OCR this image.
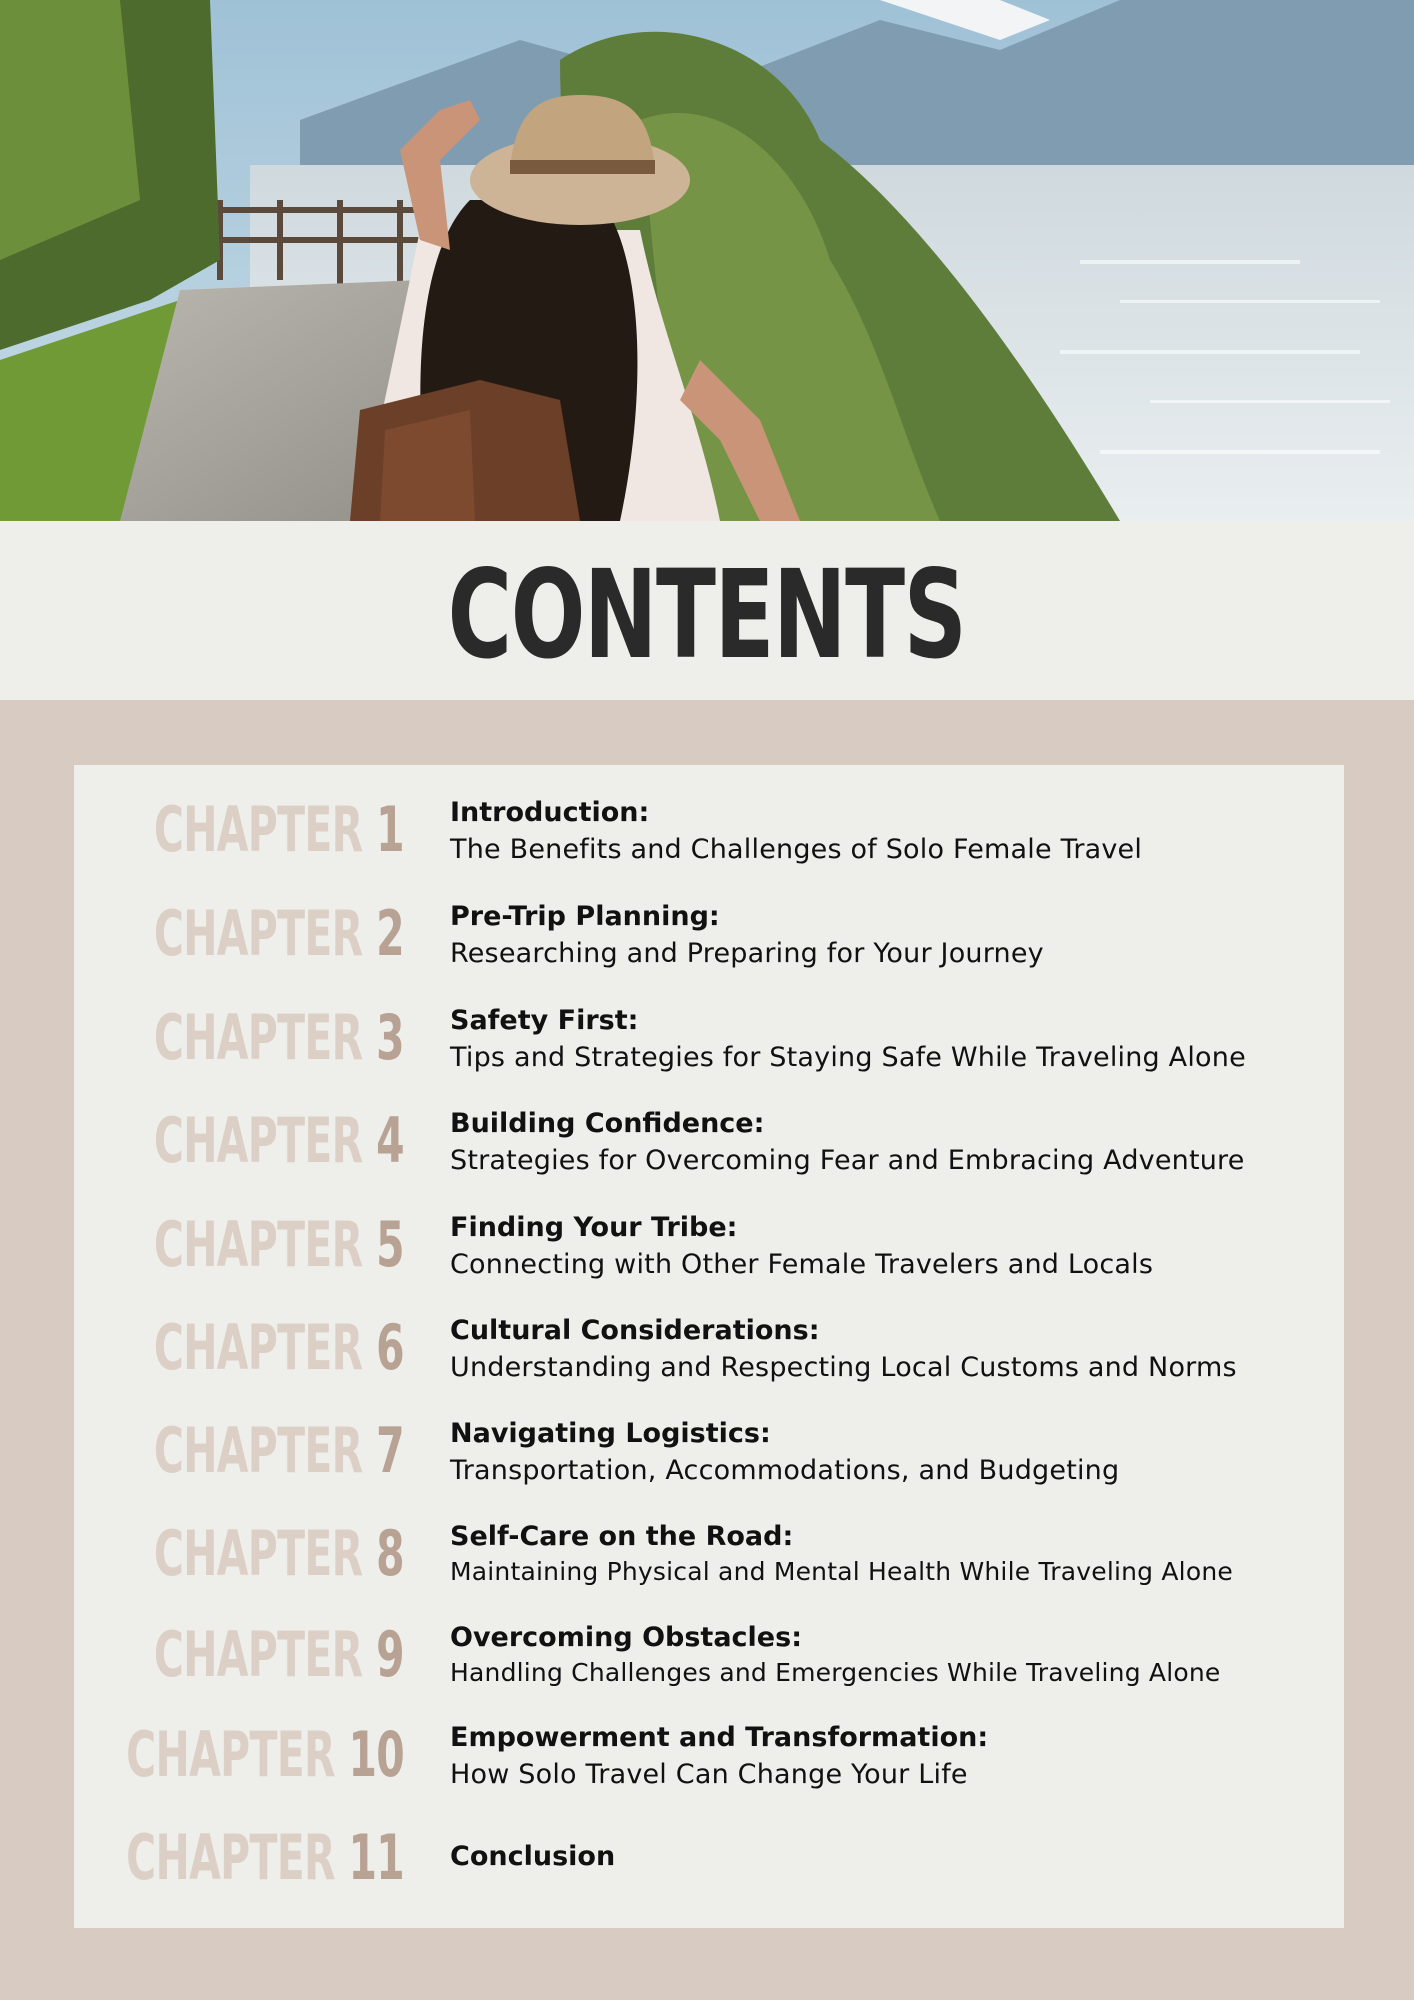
CONTENTS
CHAPTER 1 Introduction:
The Benefits and Challenges of Solo Female Travel
CHAPTER 2 Pre-Trip Planning:
Researching and Preparing for Your Journey
CHAPTER 3 Safety First:
Tips and Strategies for Staying Safe While Traveling Alone
CHAPTER 4 Building Confidence:
Strategies for Overcoming Fear and Embracing Adventure
CHAPTER 5 Finding Your Tribe:
Connecting with Other Female Travelers and Locals
CHAPTER 6 Cultural Considerations:
Understanding and Respecting Local Customs and Norms
CHAPTER 7 Navigating Logistics:
Transportation, Accommodations, and Budgeting
CHAPTER 8 Self-Care on the Road:
Maintaining Physical and Mental Health While Traveling Alone
CHAPTER 9 Overcoming Obstacles:
Handling Challenges and Emergencies While Traveling Alone
CHAPTER 10 Empowerment and Transformation:
How Solo Travel Can Change Your Life
CHAPTER 11 Conclusion
